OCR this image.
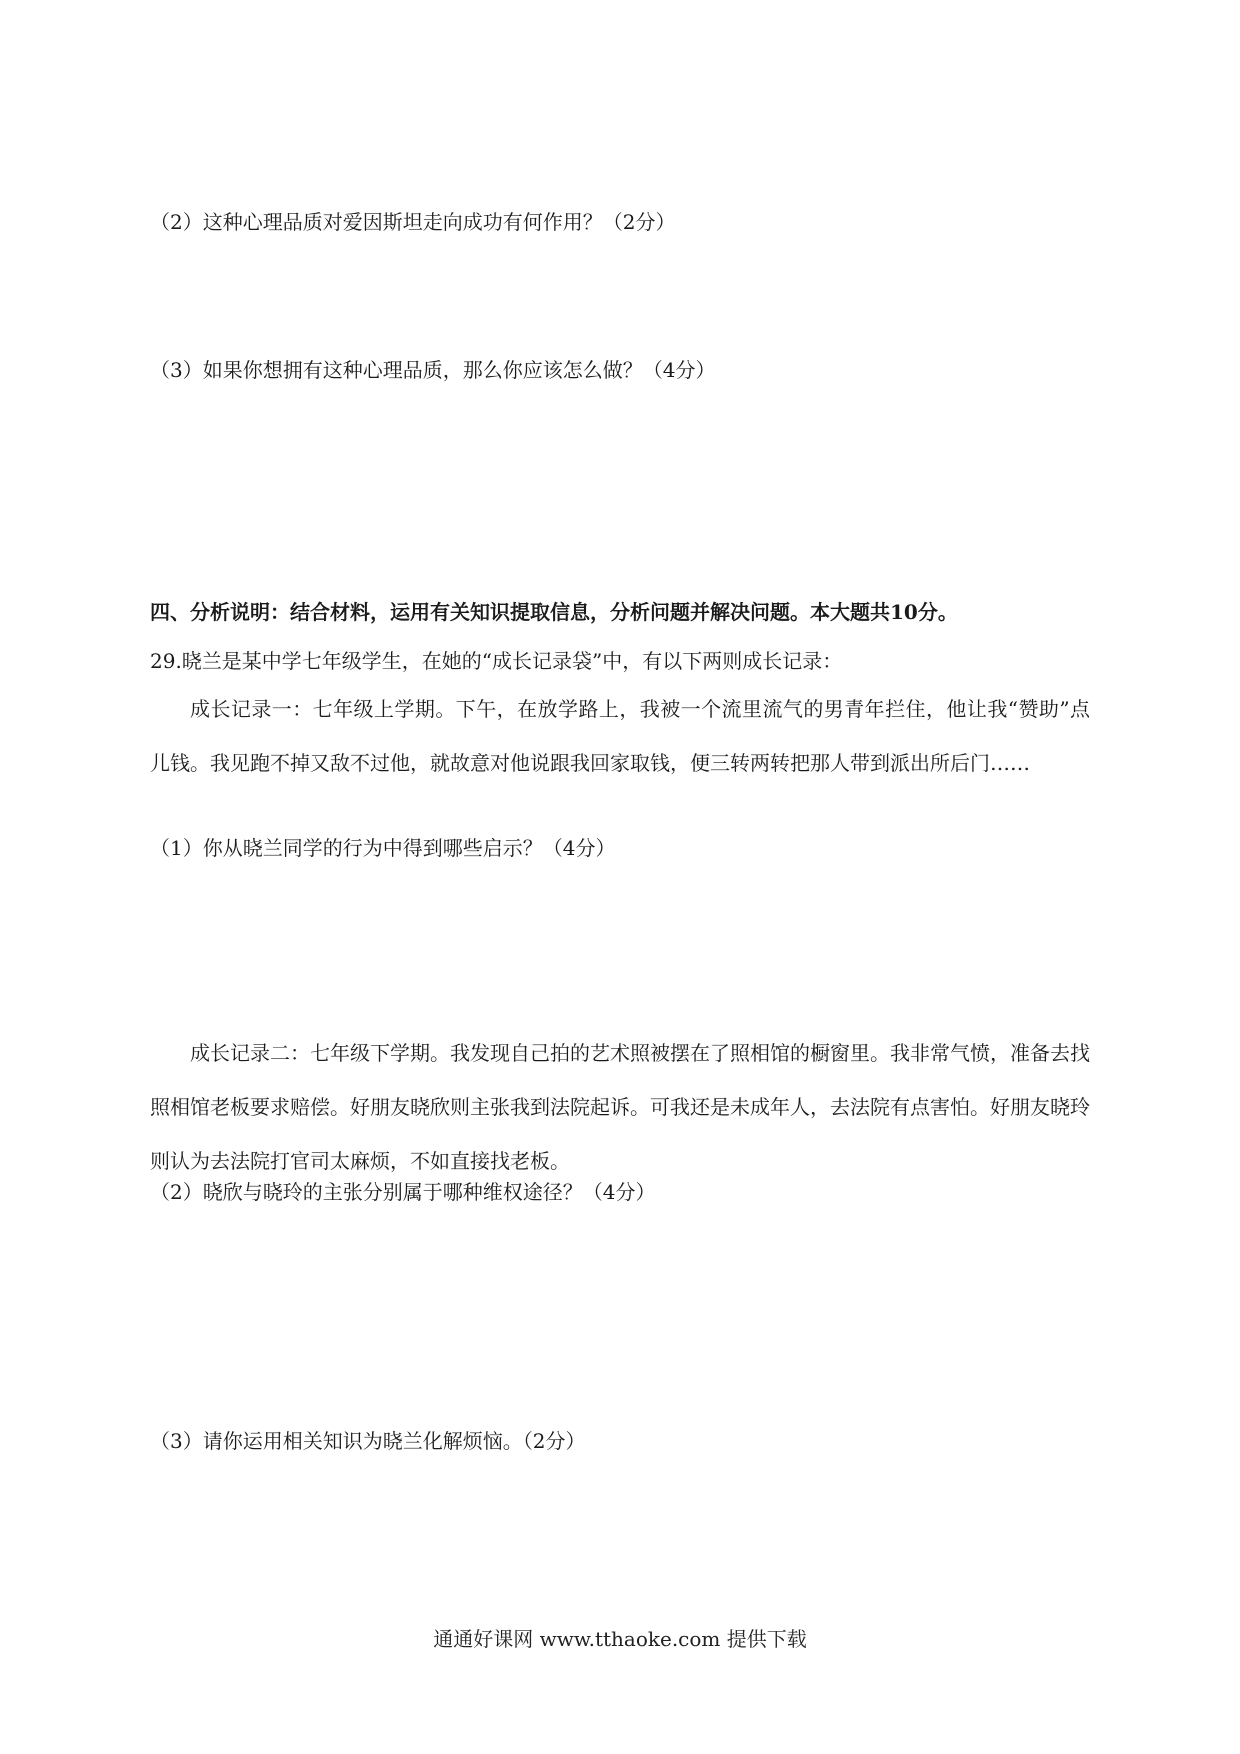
（2）这种心理品质对爱因斯坦走向成功有何作用？（2分）
（3）如果你想拥有这种心理品质，那么你应该怎么做？（4分）
四、分析说明：结合材料，运用有关知识提取信息，分析问题并解决问题。本大题共10分。
29.晓兰是某中学七年级学生，在她的“成长记录袋”中，有以下两则成长记录：

成长记录一：七年级上学期。下午，在放学路上，我被一个流里流气的男青年拦住，他让我“赞助”点儿钱。我见跑不掉又敌不过他，就故意对他说跟我回家取钱，便三转两转把那人带到派出所后门……

（1）你从晓兰同学的行为中得到哪些启示？（4分）

成长记录二：七年级下学期。我发现自己拍的艺术照被摆在了照相馆的橱窗里。我非常气愤，准备去找照相馆老板要求赔偿。好朋友晓欣则主张我到法院起诉。可我还是未成年人，去法院有点害怕。好朋友晓玲则认为去法院打官司太麻烦，不如直接找老板。

（2）晓欣与晓玲的主张分别属于哪种维权途径？（4分）
（3）请你运用相关知识为晓兰化解烦恼。（2分）
通通好课网 www.tthaoke.com 提供下载
